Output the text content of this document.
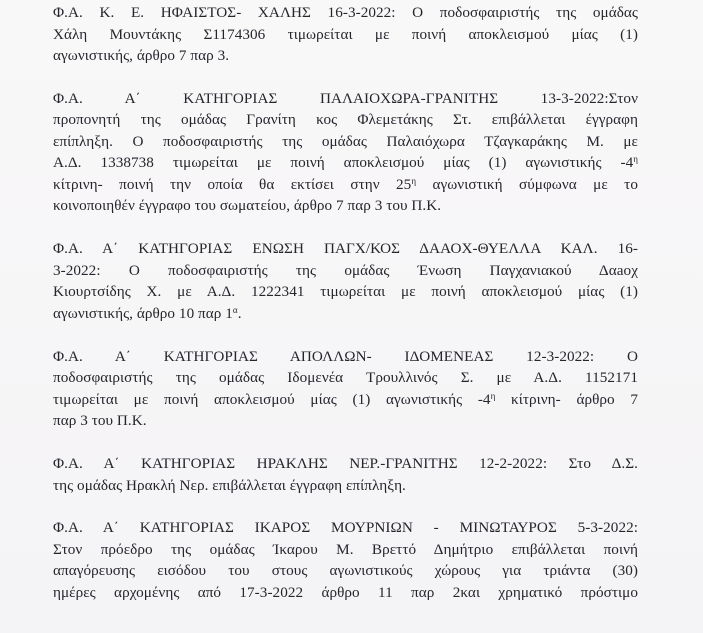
Φ.Α. Κ. Ε. ΗΦΑΙΣΤΟΣ- ΧΑΛΗΣ 16-3-2022: Ο ποδοσφαιριστής της ομάδας
Χάλη Μουντάκης Σ1174306 τιμωρείται με ποινή αποκλεισμού μίας (1)
αγωνιστικής, άρθρο 7 παρ 3.

Φ.Α. Α΄ ΚΑΤΗΓΟΡΙΑΣ ΠΑΛΑΙΟΧΩΡΑ-ΓΡΑΝΙΤΗΣ 13-3-2022:Στον
προπονητή της ομάδας Γρανίτη κος Φλεμετάκης Στ. επιβάλλεται έγγραφη
επίπληξη. Ο ποδοσφαιριστής της ομάδας Παλαιόχωρα Τζαγκαράκης Μ. με
Α.Δ. 1338738 τιμωρείται με ποινή αποκλεισμού μίας (1) αγωνιστικής $-4^\eta$
κίτρινη- ποινή την οποία θα εκτίσει στην $25^\eta$ αγωνιστική σύμφωνα με το
κοινοποιηθέν έγγραφο του σωματείου, άρθρο 7 παρ 3 του Π.Κ.

Φ.Α. Α΄ ΚΑΤΗΓΟΡΙΑΣ ΕΝΩΣΗ ΠΑΓΧ/ΚΟΣ ΔΑΑΟΧ-ΘΥΕΛΛΑ ΚΑΛ. 16-
3-2022: Ο ποδοσφαιριστής της ομάδας Ένωση Παγχανιακού Δαaοχ
Κιουρτσίδης Χ. με Α.Δ. 1222341 τιμωρείται με ποινή αποκλεισμού μίας (1)
αγωνιστικής, άρθρο 10 παρ $1^\alpha$.

Φ.Α. Α΄ ΚΑΤΗΓΟΡΙΑΣ ΑΠΟΛΛΩΝ- ΙΔΟΜΕΝΕΑΣ 12-3-2022: Ο
ποδοσφαιριστής της ομάδας Ιδομενέα Τρουλλινός Σ. με Α.Δ. 1152171
τιμωρείται με ποινή αποκλεισμού μίας (1) αγωνιστικής $-4^\eta$ κίτρινη- άρθρο 7
παρ 3 του Π.Κ.

Φ.Α. Α΄ ΚΑΤΗΓΟΡΙΑΣ ΗΡΑΚΛΗΣ ΝΕΡ.-ΓΡΑΝΙΤΗΣ 12-2-2022: Στο Δ.Σ.
της ομάδας Ηρακλή Νερ. επιβάλλεται έγγραφη επίπληξη.

Φ.Α. Α΄ ΚΑΤΗΓΟΡΙΑΣ ΙΚΑΡΟΣ ΜΟΥΡΝΙΩΝ - ΜΙΝΩΤΑΥΡΟΣ 5-3-2022:
Στον πρόεδρο της ομάδας Ίκαρου Μ. Βρεττό Δημήτριο επιβάλλεται ποινή
απαγόρευσης εισόδου του στους αγωνιστικούς χώρους για τριάντα (30)
ημέρες αρχομένης από 17-3-2022 άρθρο 11 παρ 2και χρηματικό πρόστιμο
